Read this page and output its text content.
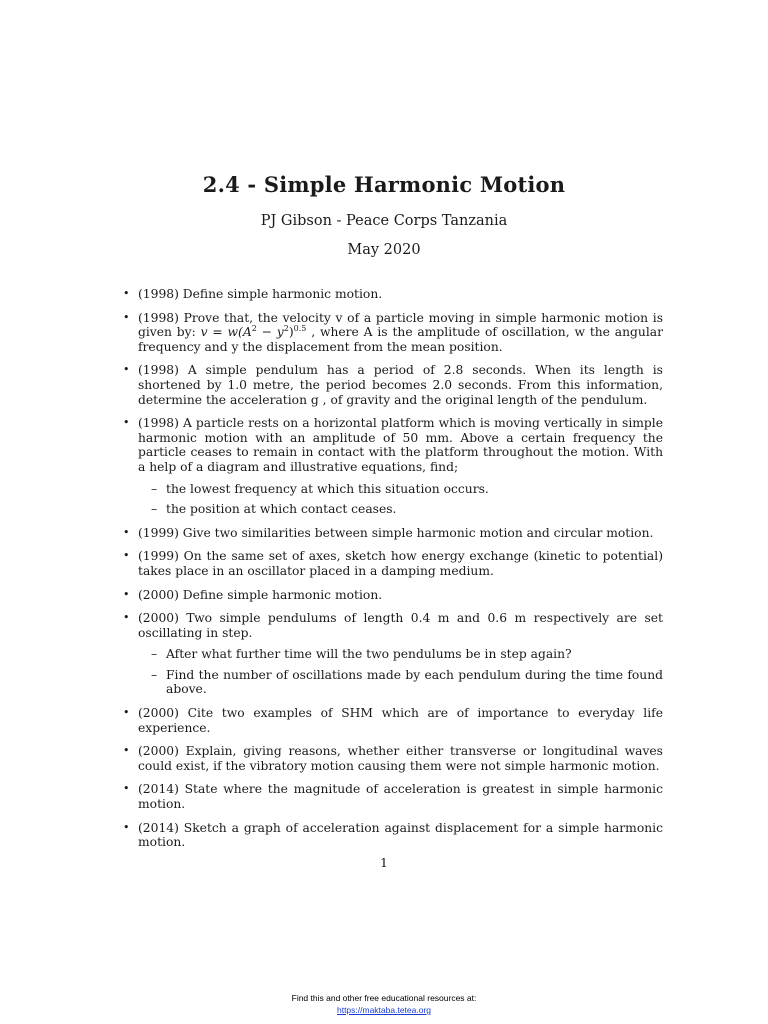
2.4 - Simple Harmonic Motion
PJ Gibson - Peace Corps Tanzania
May 2020
• (1998) Define simple harmonic motion.
• (1998) Prove that, the velocity v of a particle moving in simple harmonic motion is given by: $v = w(A^2 - y^2)^{0.5}$ , where A is the amplitude of oscillation, w the angular frequency and y the displacement from the mean position.
• (1998) A simple pendulum has a period of 2.8 seconds. When its length is shortened by 1.0 metre, the period becomes 2.0 seconds. From this information, determine the acceleration g , of gravity and the original length of the pendulum.
• (1998) A particle rests on a horizontal platform which is moving vertically in simple harmonic motion with an amplitude of 50 mm. Above a certain frequency the particle ceases to remain in contact with the platform throughout the motion. With a help of a diagram and illustrative equations, find;
– the lowest frequency at which this situation occurs.
– the position at which contact ceases.
• (1999) Give two similarities between simple harmonic motion and circular motion.
• (1999) On the same set of axes, sketch how energy exchange (kinetic to potential) takes place in an oscillator placed in a damping medium.
• (2000) Define simple harmonic motion.
• (2000) Two simple pendulums of length 0.4 m and 0.6 m respectively are set oscillating in step.
– After what further time will the two pendulums be in step again?
– Find the number of oscillations made by each pendulum during the time found above.
• (2000) Cite two examples of SHM which are of importance to everyday life experience.
• (2000) Explain, giving reasons, whether either transverse or longitudinal waves could exist, if the vibratory motion causing them were not simple harmonic motion.
• (2014) State where the magnitude of acceleration is greatest in simple harmonic motion.
• (2014) Sketch a graph of acceleration against displacement for a simple harmonic motion.
1
Find this and other free educational resources at:
https://maktaba.tetea.org
